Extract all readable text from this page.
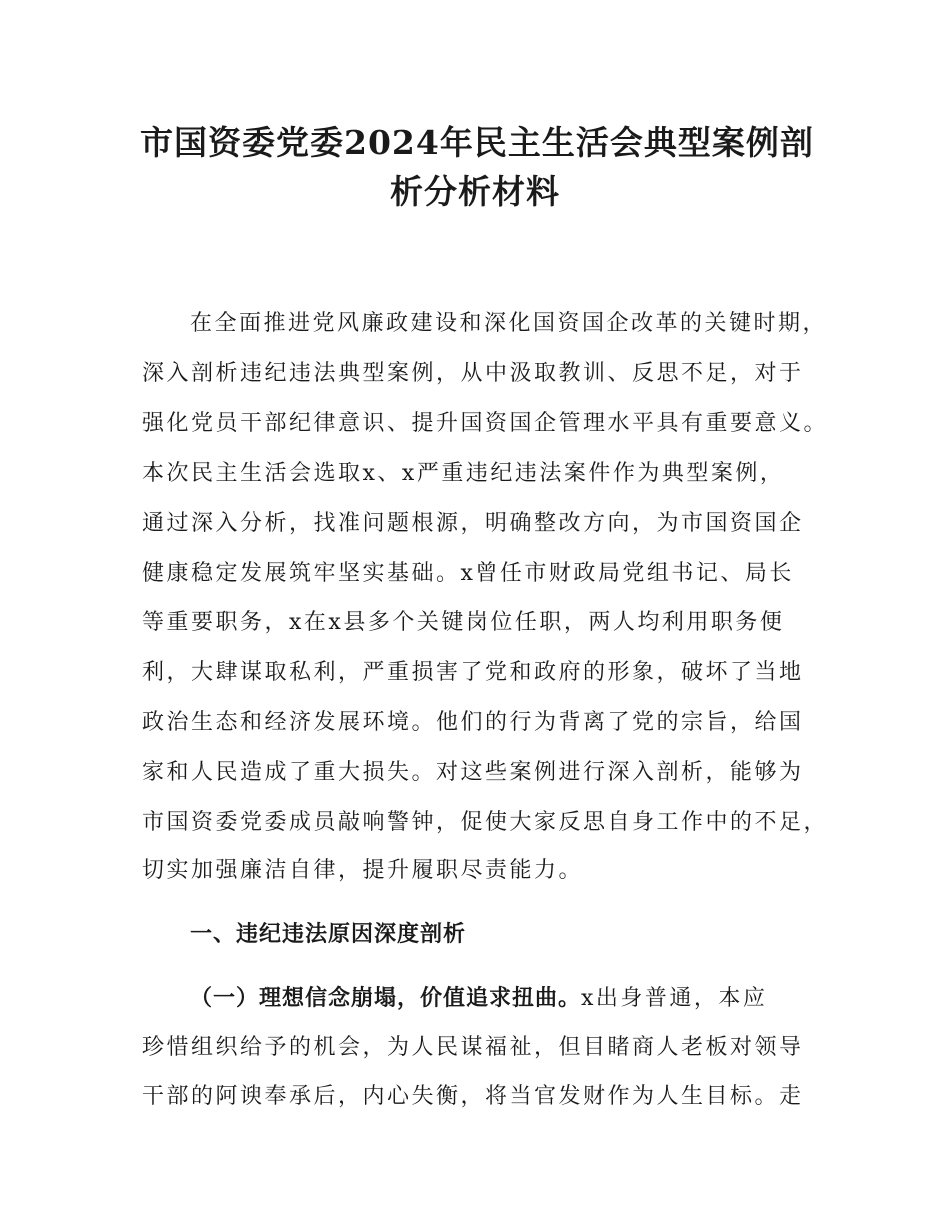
市国资委党委2024年民主生活会典型案例剖
析分析材料

在全面推进党风廉政建设和深化国资国企改革的关键时期，

深入剖析违纪违法典型案例，从中汲取教训、反思不足，对于

强化党员干部纪律意识、提升国资国企管理水平具有重要意义。

本次民主生活会选取x、x严重违纪违法案件作为典型案例，

通过深入分析，找准问题根源，明确整改方向，为市国资国企

健康稳定发展筑牢坚实基础。x曾任市财政局党组书记、局长

等重要职务，x在x县多个关键岗位任职，两人均利用职务便

利，大肆谋取私利，严重损害了党和政府的形象，破坏了当地

政治生态和经济发展环境。他们的行为背离了党的宗旨，给国

家和人民造成了重大损失。对这些案例进行深入剖析，能够为

市国资委党委成员敲响警钟，促使大家反思自身工作中的不足，

切实加强廉洁自律，提升履职尽责能力。

一、违纪违法原因深度剖析

（一）理想信念崩塌，价值追求扭曲。x出身普通，本应

珍惜组织给予的机会，为人民谋福祉，但目睹商人老板对领导

干部的阿谀奉承后，内心失衡，将当官发财作为人生目标。走
